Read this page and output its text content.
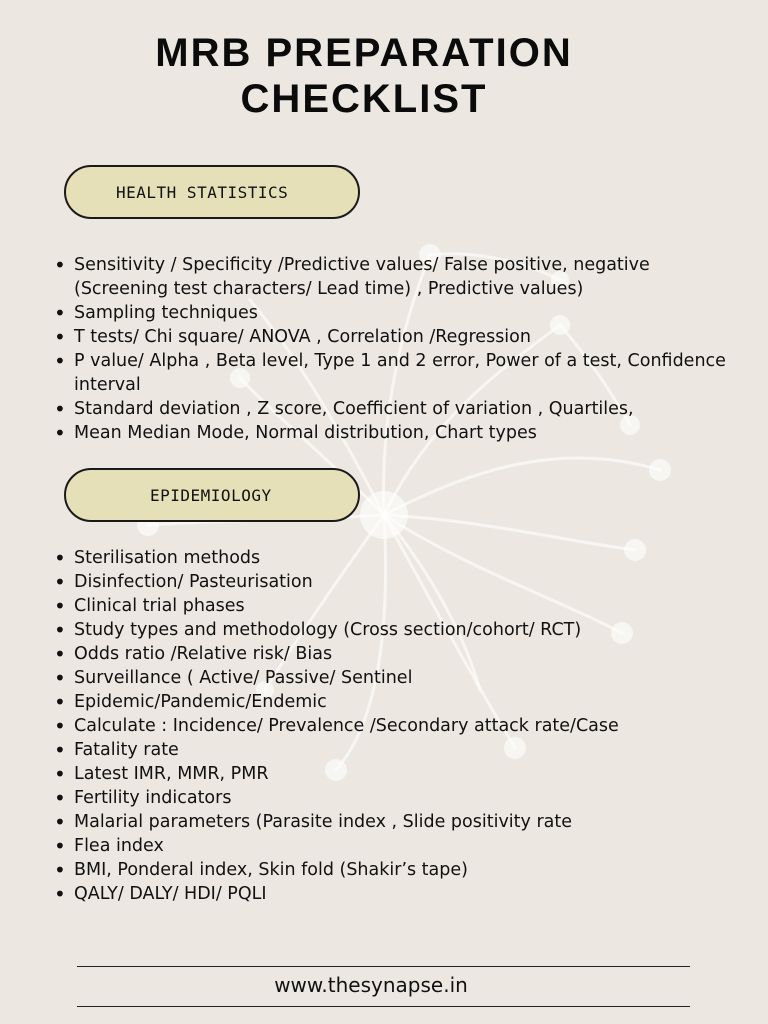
MRB PREPARATION
CHECKLIST
HEALTH STATISTICS
• Sensitivity / Specificity /Predictive values/ False positive, negative (Screening test characters/ Lead time) , Predictive values)
• Sampling techniques
• T tests/ Chi square/ ANOVA , Correlation /Regression
• P value/ Alpha , Beta level, Type 1 and 2 error, Power of a test, Confidence interval
• Standard deviation , Z score, Coefficient of variation , Quartiles,
• Mean Median Mode, Normal distribution, Chart types
EPIDEMIOLOGY
• Sterilisation methods
• Disinfection/ Pasteurisation
• Clinical trial phases
• Study types and methodology (Cross section/cohort/ RCT)
• Odds ratio /Relative risk/ Bias
• Surveillance ( Active/ Passive/ Sentinel
• Epidemic/Pandemic/Endemic
• Calculate : Incidence/ Prevalence /Secondary attack rate/Case
• Fatality rate
• Latest IMR, MMR, PMR
• Fertility indicators
• Malarial parameters (Parasite index , Slide positivity rate
• Flea index
• BMI, Ponderal index, Skin fold (Shakir’s tape)
• QALY/ DALY/ HDI/ PQLI
www.thesynapse.in
